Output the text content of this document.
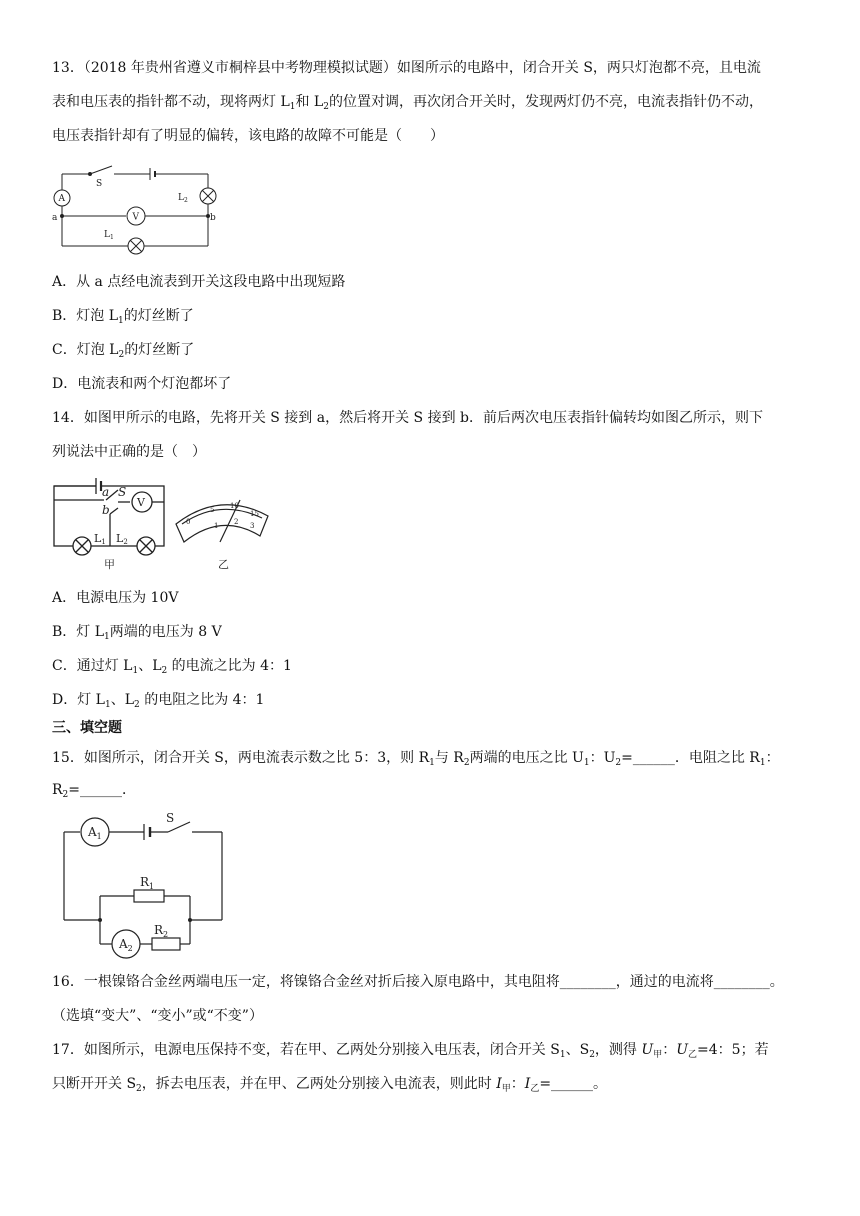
13．（2018 年贵州省遵义市桐梓县中考物理模拟试题）如图所示的电路中，闭合开关 S，两只灯泡都不亮，且电流
表和电压表的指针都不动，现将两灯 $L_1$和 $L_2$的位置对调，再次闭合开关时，发现两灯仍不亮，电流表指针仍不动，
电压表指针却有了明显的偏转，该电路的故障不可能是（　　）
S
A
V
a	b
$L_2$
$L_1$
A．从 a 点经电流表到开关这段电路中出现短路
B．灯泡 $L_1$的灯丝断了
C．灯泡 $L_2$的灯丝断了
D．电流表和两个灯泡都坏了
14．如图甲所示的电路，先将开关 S 接到 a，然后将开关 S 接到 b．前后两次电压表指针偏转均如图乙所示，则下
列说法中正确的是（　）
a S
b
V
L1 L2
甲	乙
0
5 10
15
1 2 3
A．电源电压为 10V
B．灯 $L_1$两端的电压为 8 V
C．通过灯 $L_1$、$L_2$ 的电流之比为 4：1
D．灯 $L_1$、$L_2$ 的电阻之比为 4：1
三、填空题
15．如图所示，闭合开关 S，两电流表示数之比 5：3，则 $R_1$与 $R_2$两端的电压之比 $U_1$：$U_2=\_\_\_\_\_\_$．电阻之比 $R_1$：
$R_2=\_\_\_\_\_\_$．
$A_1$
$A_2$
S
$R_1$
$R_2$
16．一根镍铬合金丝两端电压一定，将镍铬合金丝对折后接入原电路中，其电阻将________，通过的电流将________。
（选填“变大”、“变小”或“不变”）
17．如图所示，电源电压保持不变，若在甲、乙两处分别接入电压表，闭合开关 $S_1$、$S_2$，测得 $U_甲$：$U_乙=4$：5；若
只断开开关 $S_2$，拆去电压表，并在甲、乙两处分别接入电流表，则此时 $I_甲$：$I_乙=\_\_\_\_\_\_$。
